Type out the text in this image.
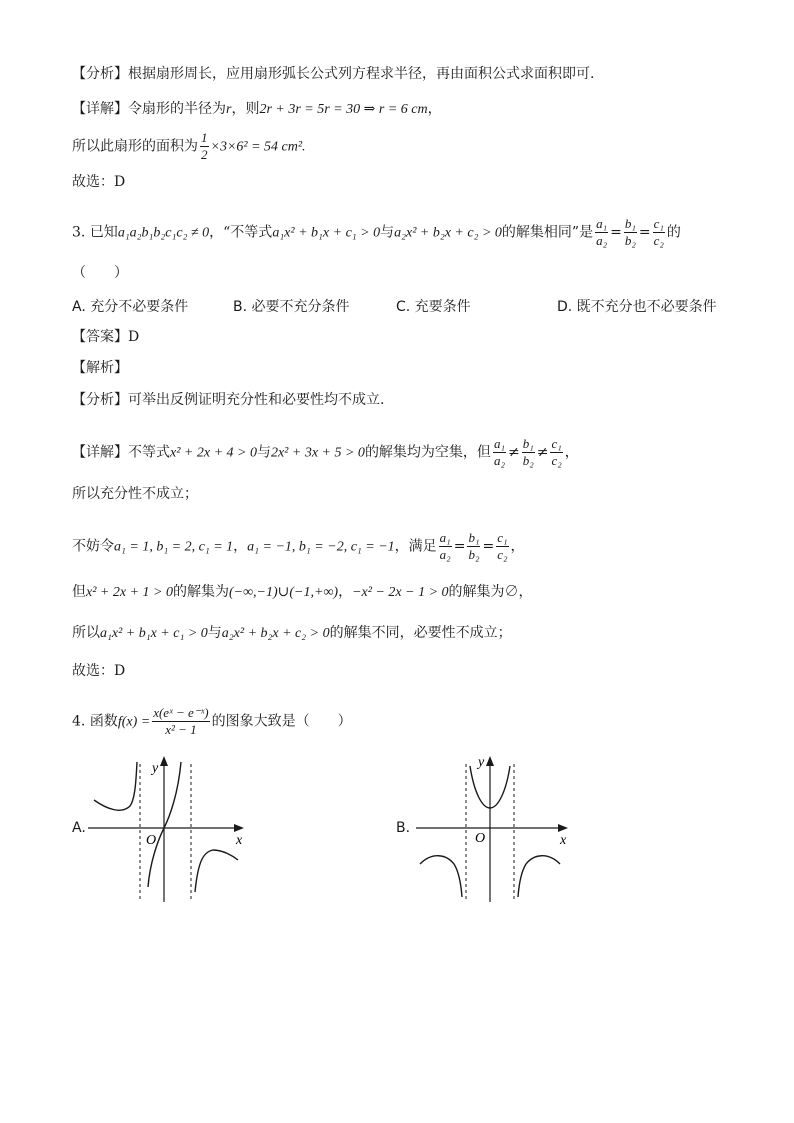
【分析】根据扇形周长，应用扇形弧长公式列方程求半径，再由面积公式求面积即可.
【详解】令扇形的半径为r，则2r + 3r = 5r = 30 ⇒ r = 6 cm，
所以此扇形的面积为 $\frac{1}{2} \times 3\times 6^2 = 54$ cm².
故选：D
3. 已知a₁a₂b₁b₂c₁c₂ ≠ 0，“不等式a₁x² + b₁x + c₁ > 0与a₂x² + b₂x + c₂ > 0的解集相同”是 $\frac{\text{a₁}}{\text{a₂}} = \frac{\text{b₁}}{\text{b₂}} = \frac{\text{c₁}}{\text{c₂}}$ 的
（　　）
A. 充分不必要条件	B. 必要不充分条件	C. 充要条件	D. 既不充分也不必要条件
【答案】D
【解析】
【分析】可举出反例证明充分性和必要性均不成立.
【详解】不等式x² + 2x + 4 > 0与2x² + 3x + 5 > 0的解集均为空集，但 $\frac{\text{a₁}}{\text{a₂}} \ne \frac{\text{b₁}}{\text{b₂}} \ne \frac{\text{c₁}}{\text{c₂}}$ ，
所以充分性不成立；
不妨令a₁ = 1, b₁ = 2, c₁ = 1，a₁ = −1, b₁ = −2, c₁ = −1，满足 $\frac{\text{a₁}}{\text{a₂}} = \frac{\text{b₁}}{\text{b₂}} = \frac{\text{c₁}}{\text{c₂}}$ ，
但x² + 2x + 1 > 0的解集为(−∞,−1)∪(−1,+∞)，−x² − 2x − 1 > 0的解集为∅，
所以a₁x² + b₁x + c₁ > 0与a₂x² + b₂x + c₂ > 0的解集不同，必要性不成立；
故选：D
4. 函数$f(x) = \frac{\text{x(eˣ − e⁻ˣ)}}{\text{x² − 1}}$ 的图象大致是（　　）
A.
y
x
O
B.
y
x
O
